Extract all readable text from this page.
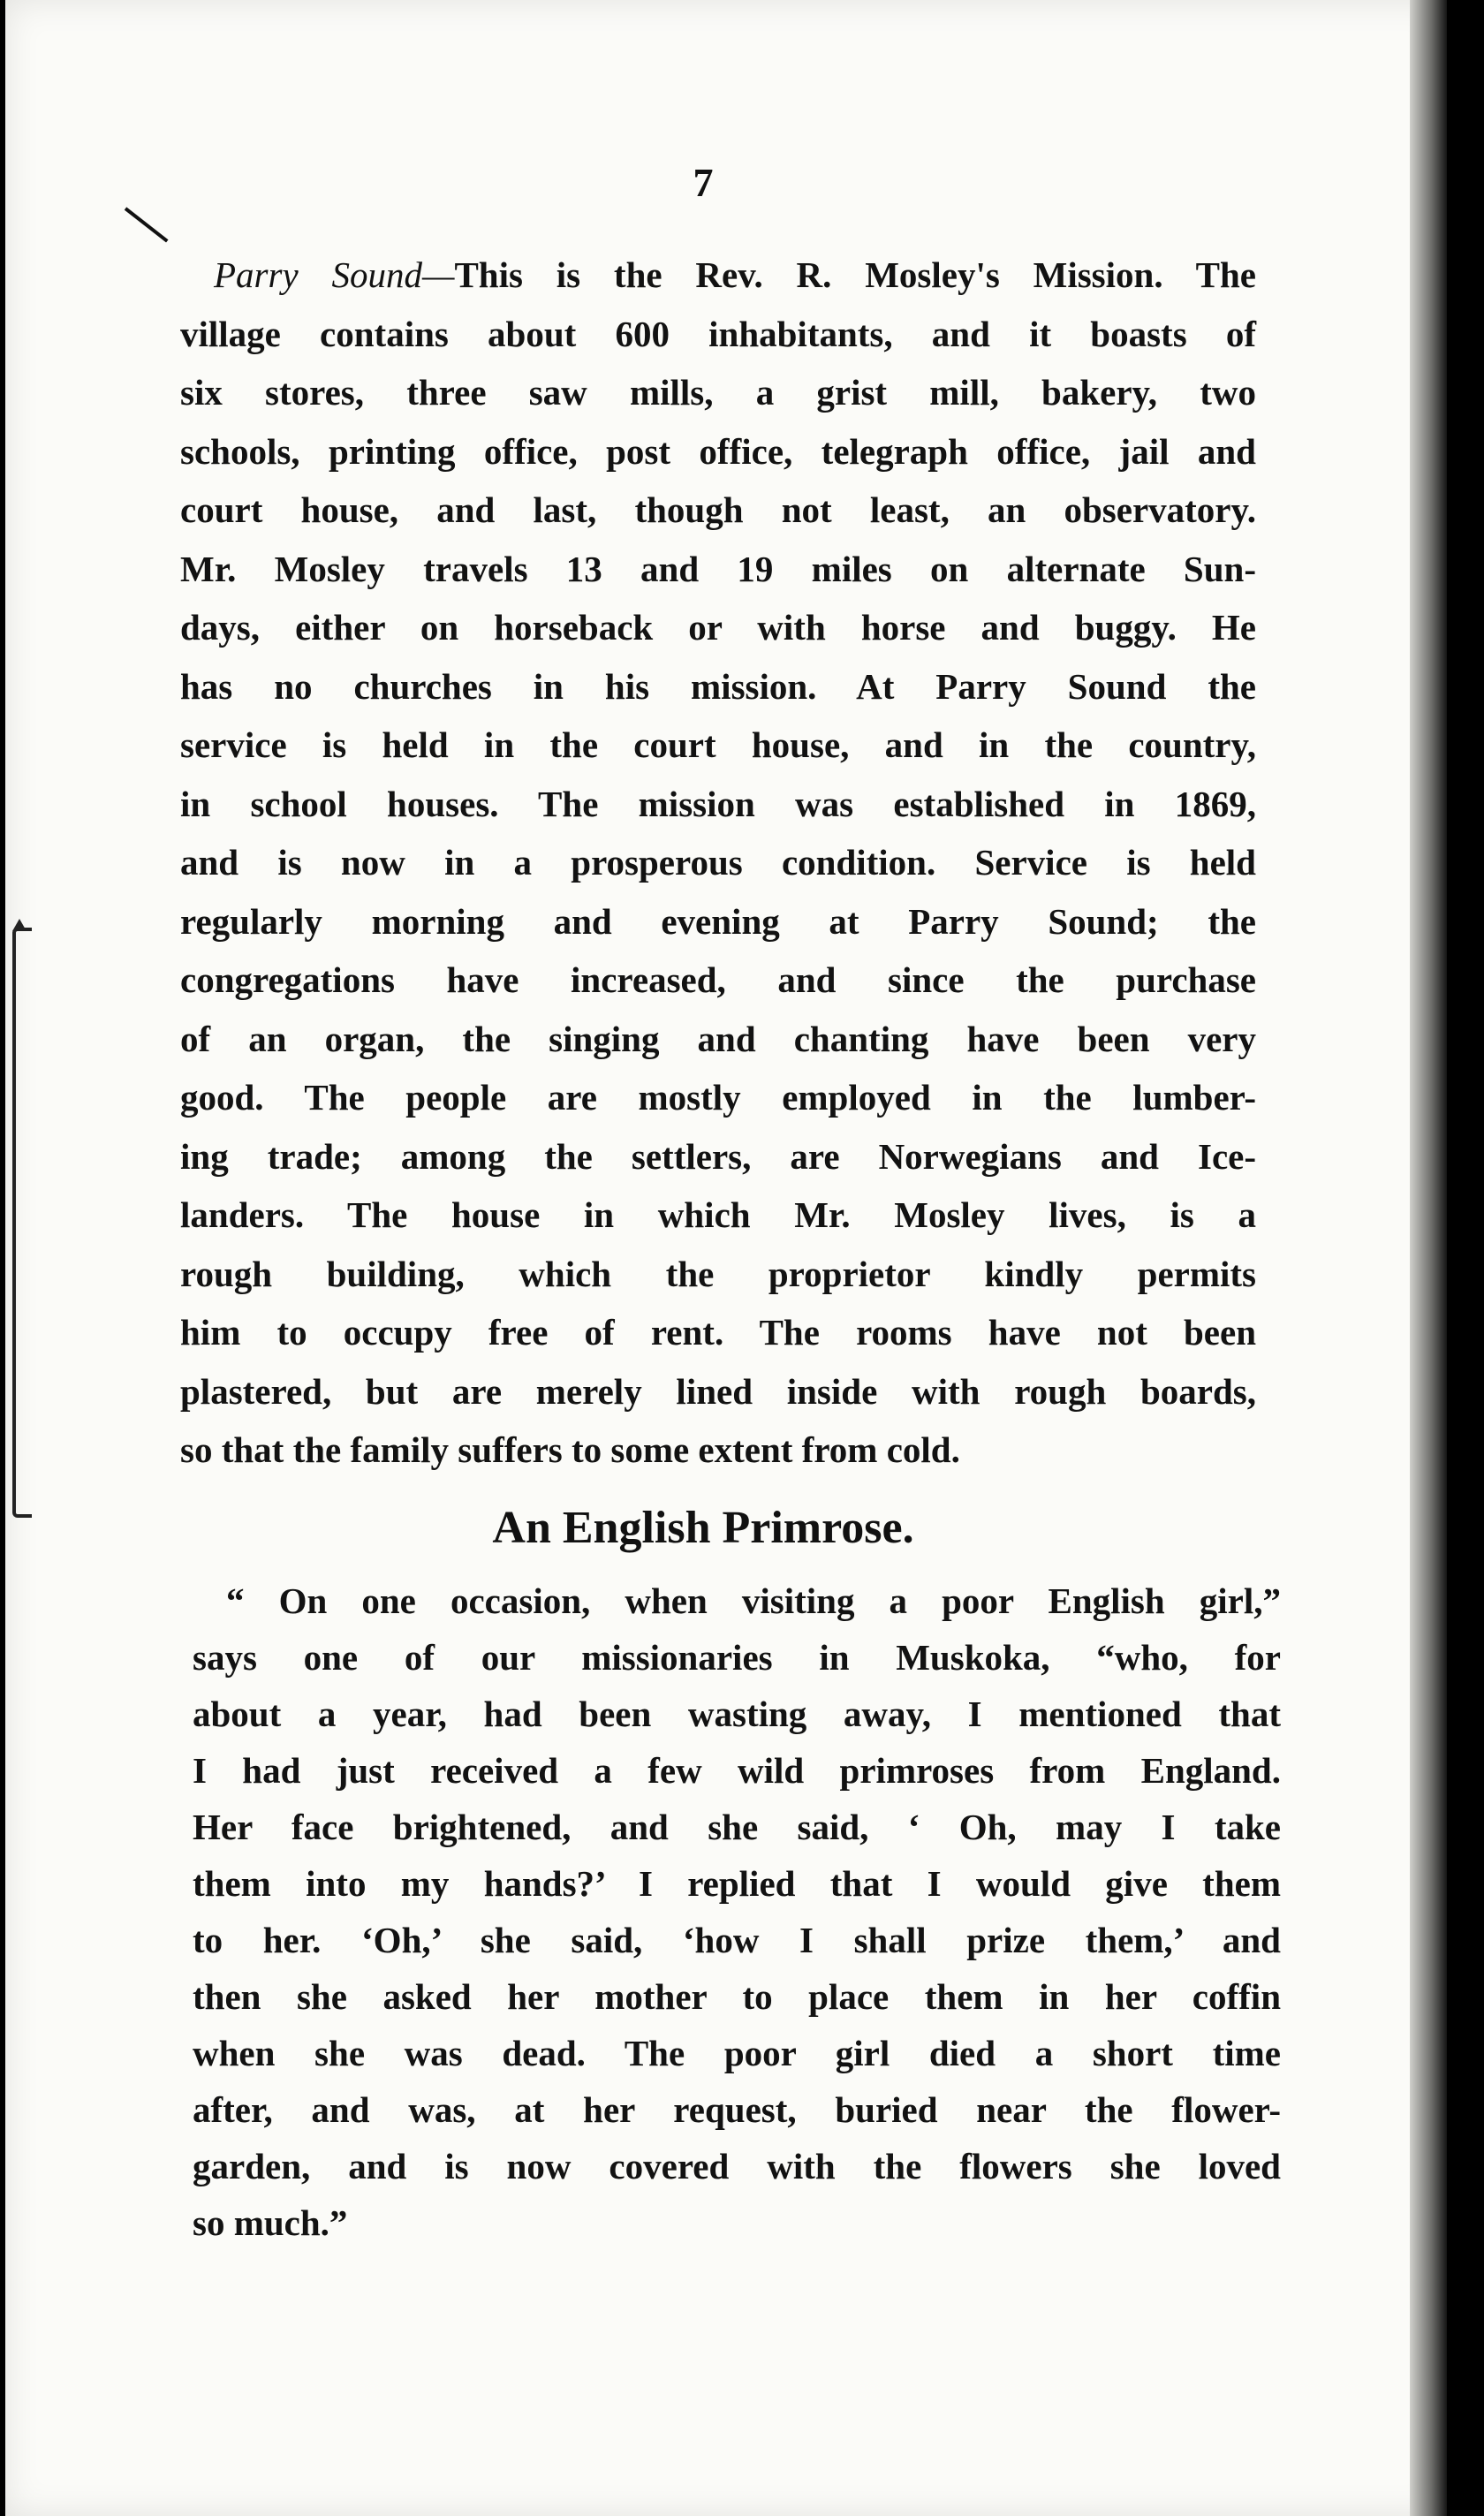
7
Parry Sound—This is the Rev. R. Mosley's Mission. The
village contains about 600 inhabitants, and it boasts of
six stores, three saw mills, a grist mill, bakery, two
schools, printing office, post office, telegraph office, jail and
court house, and last, though not least, an observatory.
Mr. Mosley travels 13 and 19 miles on alternate Sun-
days, either on horseback or with horse and buggy. He
has no churches in his mission. At Parry Sound the
service is held in the court house, and in the country,
in school houses. The mission was established in 1869,
and is now in a prosperous condition. Service is held
regularly morning and evening at Parry Sound; the
congregations have increased, and since the purchase
of an organ, the singing and chanting have been very
good. The people are mostly employed in the lumber-
ing trade; among the settlers, are Norwegians and Ice-
landers. The house in which Mr. Mosley lives, is a
rough building, which the proprietor kindly permits
him to occupy free of rent. The rooms have not been
plastered, but are merely lined inside with rough boards,
so that the family suffers to some extent from cold.
An English Primrose.
“ On one occasion, when visiting a poor English girl,”
says one of our missionaries in Muskoka, “who, for
about a year, had been wasting away, I mentioned that
I had just received a few wild primroses from England.
Her face brightened, and she said, ‘ Oh, may I take
them into my hands?’ I replied that I would give them
to her. ‘Oh,’ she said, ‘how I shall prize them,’ and
then she asked her mother to place them in her coffin
when she was dead. The poor girl died a short time
after, and was, at her request, buried near the flower-
garden, and is now covered with the flowers she loved
so much.”
